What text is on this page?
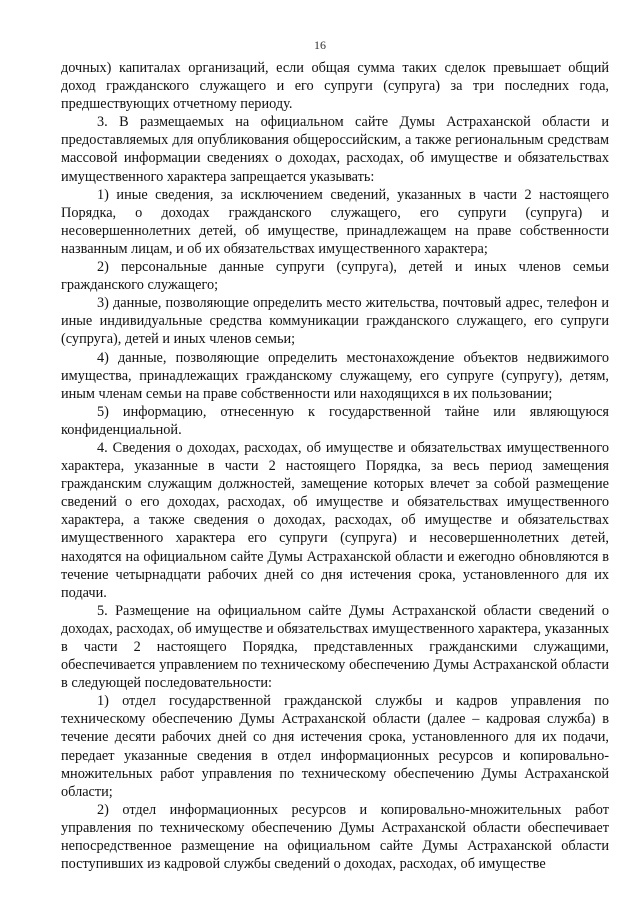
16

дочных) капиталах организаций, если общая сумма таких сделок превышает общий доход гражданского служащего и его супруги (супруга) за три последних года, предшествующих отчетному периоду.

3. В размещаемых на официальном сайте Думы Астраханской области и предоставляемых для опубликования общероссийским, а также региональным средствам массовой информации сведениях о доходах, расходах, об имуществе и обязательствах имущественного характера запрещается указывать:

1) иные сведения, за исключением сведений, указанных в части 2 настоящего Порядка, о доходах гражданского служащего, его супруги (супруга) и несовершеннолетних детей, об имуществе, принадлежащем на праве собственности названным лицам, и об их обязательствах имущественного характера;

2) персональные данные супруги (супруга), детей и иных членов семьи гражданского служащего;

3) данные, позволяющие определить место жительства, почтовый адрес, телефон и иные индивидуальные средства коммуникации гражданского служащего, его супруги (супруга), детей и иных членов семьи;

4) данные, позволяющие определить местонахождение объектов недвижимого имущества, принадлежащих гражданскому служащему, его супруге (супругу), детям, иным членам семьи на праве собственности или находящихся в их пользовании;

5) информацию, отнесенную к государственной тайне или являющуюся конфиденциальной.

4. Сведения о доходах, расходах, об имуществе и обязательствах имущественного характера, указанные в части 2 настоящего Порядка, за весь период замещения гражданским служащим должностей, замещение которых влечет за собой размещение сведений о его доходах, расходах, об имуществе и обязательствах имущественного характера, а также сведения о доходах, расходах, об имуществе и обязательствах имущественного характера его супруги (супруга) и несовершеннолетних детей, находятся на официальном сайте Думы Астраханской области и ежегодно обновляются в течение четырнадцати рабочих дней со дня истечения срока, установленного для их подачи.

5. Размещение на официальном сайте Думы Астраханской области сведений о доходах, расходах, об имуществе и обязательствах имущественного характера, указанных в части 2 настоящего Порядка, представленных гражданскими служащими, обеспечивается управлением по техническому обеспечению Думы Астраханской области в следующей последовательности:

1) отдел государственной гражданской службы и кадров управления по техническому обеспечению Думы Астраханской области (далее – кадровая служба) в течение десяти рабочих дней со дня истечения срока, установленного для их подачи, передает указанные сведения в отдел информационных ресурсов и копировально-множительных работ управления по техническому обеспечению Думы Астраханской области;

2) отдел информационных ресурсов и копировально-множительных работ управления по техническому обеспечению Думы Астраханской области обеспечивает непосредственное размещение на официальном сайте Думы Астраханской области поступивших из кадровой службы сведений о доходах, расходах, об имуществе
